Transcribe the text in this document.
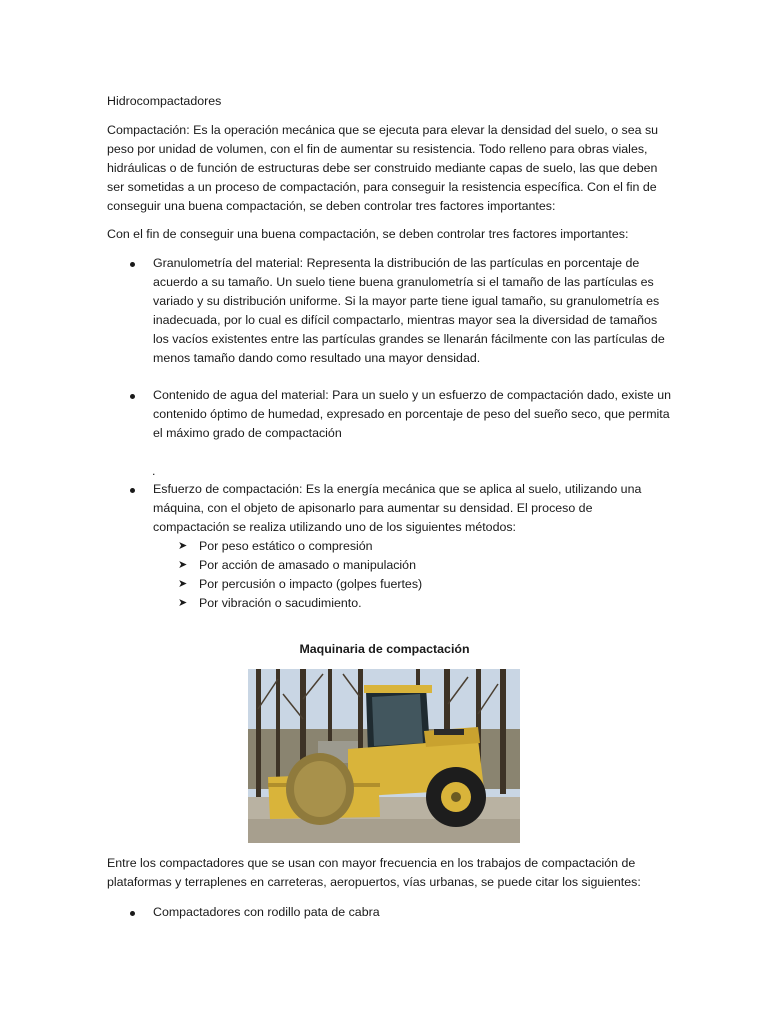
Hidrocompactadores

Compactación: Es la operación mecánica que se ejecuta para elevar la densidad del suelo, o sea su peso por unidad de volumen, con el fin de aumentar su resistencia. Todo relleno para obras viales, hidráulicas o de función de estructuras debe ser construido mediante capas de suelo, las que deben ser sometidas a un proceso de compactación, para conseguir la resistencia específica. Con el fin de conseguir una buena compactación, se deben controlar tres factores importantes:

Con el fin de conseguir una buena compactación, se deben controlar tres factores importantes:

Granulometría del material: Representa la distribución de las partículas en porcentaje de acuerdo a su tamaño. Un suelo tiene buena granulometría si el tamaño de las partículas es variado y su distribución uniforme. Si la mayor parte tiene igual tamaño, su granulometría es inadecuada, por lo cual es difícil compactarlo, mientras mayor sea la diversidad de tamaños los vacíos existentes entre las partículas grandes se llenarán fácilmente con las partículas de menos tamaño dando como resultado una mayor densidad.
Contenido de agua del material: Para un suelo y un esfuerzo de compactación dado, existe un contenido óptimo de humedad, expresado en porcentaje de peso del sueño seco, que permita el máximo grado de compactación
.
Esfuerzo de compactación: Es la energía mecánica que se aplica al suelo, utilizando una máquina, con el objeto de apisonarlo para aumentar su densidad. El proceso de compactación se realiza utilizando uno de los siguientes métodos:
➤ Por peso estático o compresión
➤ Por acción de amasado o manipulación
➤ Por percusión o impacto (golpes fuertes)
➤ Por vibración o sacudimiento.

Maquinaria de compactación

Entre los compactadores que se usan con mayor frecuencia en los trabajos de compactación de plataformas y terraplenes en carreteras, aeropuertos, vías urbanas, se puede citar los siguientes:

Compactadores con rodillo pata de cabra
